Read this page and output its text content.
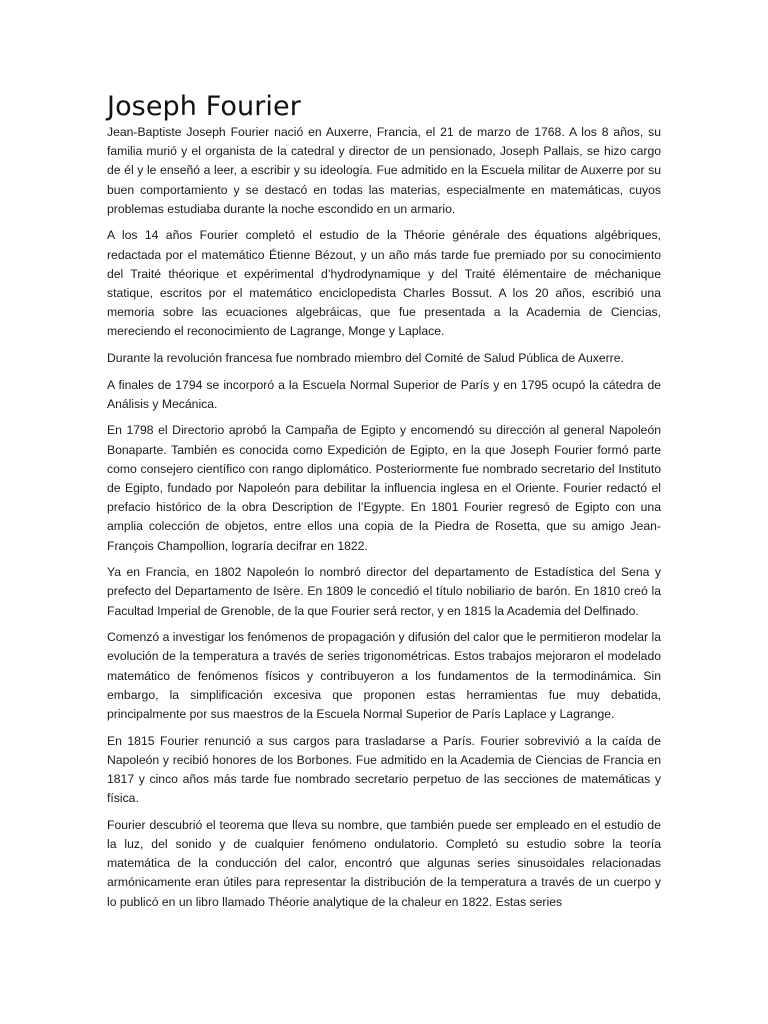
Joseph Fourier

Jean-Baptiste Joseph Fourier nació en Auxerre, Francia, el 21 de marzo de 1768. A los 8 años, su familia murió y el organista de la catedral y director de un pensionado, Joseph Pallais, se hizo cargo de él y le enseñó a leer, a escribir y su ideología. Fue admitido en la Escuela militar de Auxerre por su buen comportamiento y se destacó en todas las materias, especialmente en matemáticas, cuyos problemas estudiaba durante la noche escondido en un armario.

A los 14 años Fourier completó el estudio de la Théorie générale des équations algébriques, redactada por el matemático Étienne Bézout, y un año más tarde fue premiado por su conocimiento del Traité théorique et expérimental d’hydrodynamique y del Traité élémentaire de méchanique statique, escritos por el matemático enciclopedista Charles Bossut. A los 20 años, escribió una memoria sobre las ecuaciones algebráicas, que fue presentada a la Academia de Ciencias, mereciendo el reconocimiento de Lagrange, Monge y Laplace.

Durante la revolución francesa fue nombrado miembro del Comité de Salud Pública de Auxerre.

A finales de 1794 se incorporó a la Escuela Normal Superior de París y en 1795 ocupó la cátedra de Análisis y Mecánica.

En 1798 el Directorio aprobó la Campaña de Egipto y encomendó su dirección al general Napoleón Bonaparte. También es conocida como Expedición de Egipto, en la que Joseph Fourier formó parte como consejero científico con rango diplomático. Posteriormente fue nombrado secretario del Instituto de Egipto, fundado por Napoleón para debilitar la influencia inglesa en el Oriente. Fourier redactó el prefacio histórico de la obra Description de l’Egypte. En 1801 Fourier regresó de Egipto con una amplia colección de objetos, entre ellos una copia de la Piedra de Rosetta, que su amigo Jean-François Champollion, lograría decifrar en 1822.

Ya en Francia, en 1802 Napoleón lo nombró director del departamento de Estadística del Sena y prefecto del Departamento de Isère. En 1809 le concedió el título nobiliario de barón. En 1810 creó la Facultad Imperial de Grenoble, de la que Fourier será rector, y en 1815 la Academia del Delfinado.

Comenzó a investigar los fenómenos de propagación y difusión del calor que le permitieron modelar la evolución de la temperatura a través de series trigonométricas. Estos trabajos mejoraron el modelado matemático de fenómenos físicos y contribuyeron a los fundamentos de la termodinámica. Sin embargo, la simplificación excesiva que proponen estas herramientas fue muy debatida, principalmente por sus maestros de la Escuela Normal Superior de París Laplace y Lagrange.

En 1815 Fourier renunció a sus cargos para trasladarse a París. Fourier sobrevivió a la caída de Napoleón y recibió honores de los Borbones. Fue admitido en la Academia de Ciencias de Francia en 1817 y cinco años más tarde fue nombrado secretario perpetuo de las secciones de matemáticas y física.

Fourier descubrió el teorema que lleva su nombre, que también puede ser empleado en el estudio de la luz, del sonido y de cualquier fenómeno ondulatorio. Completó su estudio sobre la teoría matemática de la conducción del calor, encontró que algunas series sinusoidales relacionadas armónicamente eran útiles para representar la distribución de la temperatura a través de un cuerpo y lo publicó en un libro llamado Théorie analytique de la chaleur en 1822. Estas series
